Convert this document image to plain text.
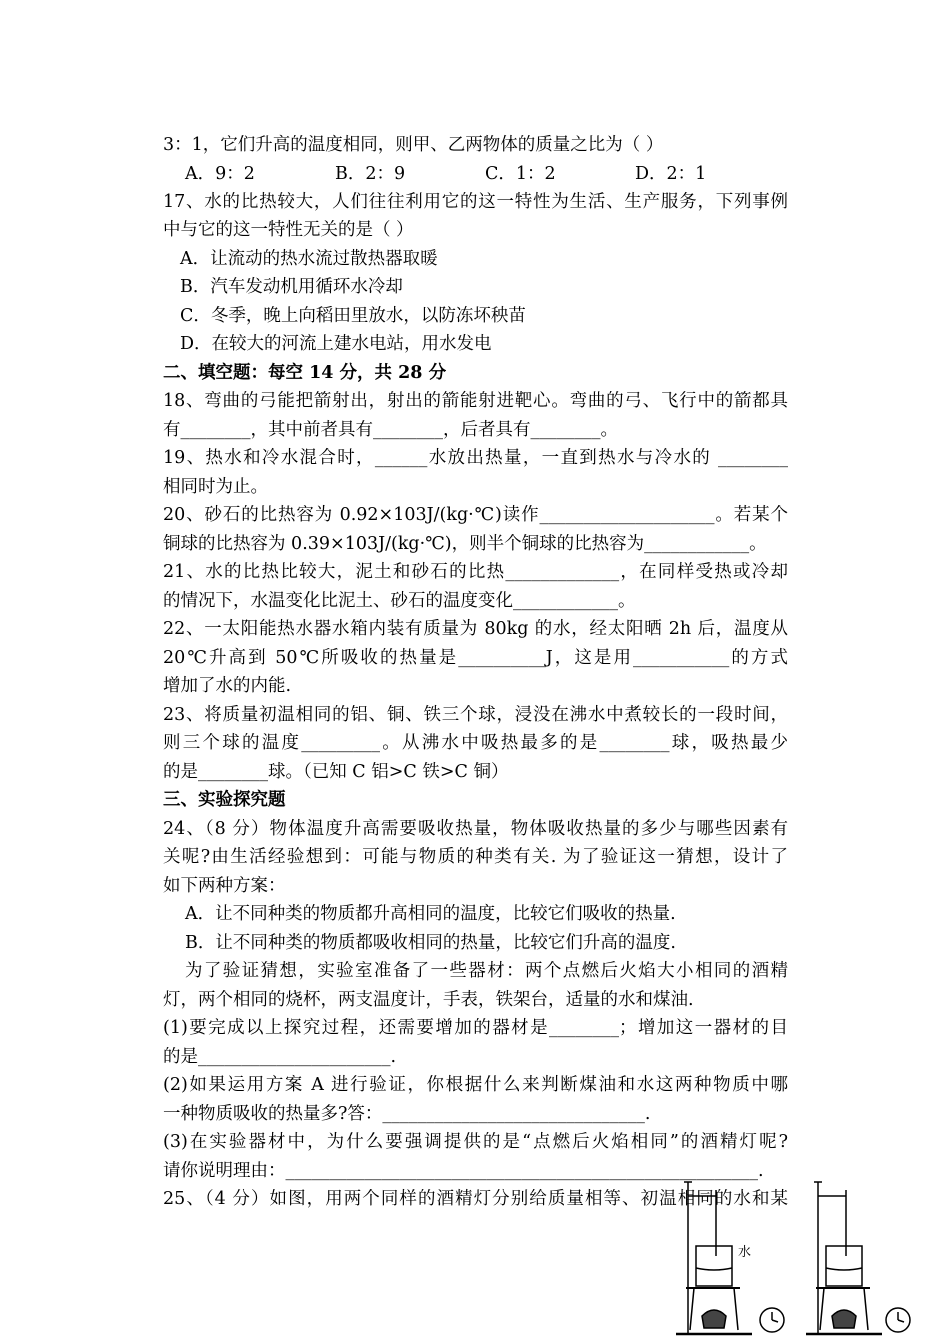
3：1，它们升高的温度相同，则甲、乙两物体的质量之比为（ ）
A．9：2	B．2：9	C．1：2	D．2：1
17、水的比热较大，人们往往利用它的这一特性为生活、生产服务，下列事例
中与它的这一特性无关的是（ ）
A．让流动的热水流过散热器取暖
B．汽车发动机用循环水冷却
C．冬季，晚上向稻田里放水，以防冻坏秧苗
D．在较大的河流上建水电站，用水发电
二、填空题：每空 14 分，共 28 分
18、弯曲的弓能把箭射出，射出的箭能射进靶心。弯曲的弓、飞行中的箭都具
有________，其中前者具有________，后者具有________。
19、热水和冷水混合时，______水放出热量，一直到热水与冷水的 ________
相同时为止。
20、砂石的比热容为 0.92×103J/(kg·℃)读作____________________。若某个
铜球的比热容为 0.39×103J/(kg·℃)，则半个铜球的比热容为____________。
21、水的比热比较大，泥土和砂石的比热_____________，在同样受热或冷却
的情况下，水温变化比泥土、砂石的温度变化____________。
22、一太阳能热水器水箱内装有质量为 80kg 的水，经太阳晒 2h 后，温度从
20℃升高到 50℃所吸收的热量是__________J，这是用___________的方式
增加了水的内能.
23、将质量初温相同的铝、铜、铁三个球，浸没在沸水中煮较长的一段时间，
则三个球的温度_________。从沸水中吸热最多的是________球，吸热最少
的是________球。（已知 C 铝>C 铁>C 铜）
三、实验探究题
24、（8 分）物体温度升高需要吸收热量，物体吸收热量的多少与哪些因素有
关呢?由生活经验想到：可能与物质的种类有关. 为了验证这一猜想，设计了
如下两种方案：
A．让不同种类的物质都升高相同的温度，比较它们吸收的热量.
B．让不同种类的物质都吸收相同的热量，比较它们升高的温度.
为了验证猜想，实验室准备了一些器材：两个点燃后火焰大小相同的酒精
灯，两个相同的烧杯，两支温度计，手表，铁架台，适量的水和煤油.
(1)要完成以上探究过程，还需要增加的器材是________；增加这一器材的目
的是______________________.
(2)如果运用方案 A 进行验证，你根据什么来判断煤油和水这两种物质中哪
一种物质吸收的热量多?答：______________________________.
(3)在实验器材中，为什么要强调提供的是“点燃后火焰相同”的酒精灯呢?
请你说明理由：______________________________________________________.
25、（4 分）如图，用两个同样的酒精灯分别给质量相等、初温相同的水和某
水
